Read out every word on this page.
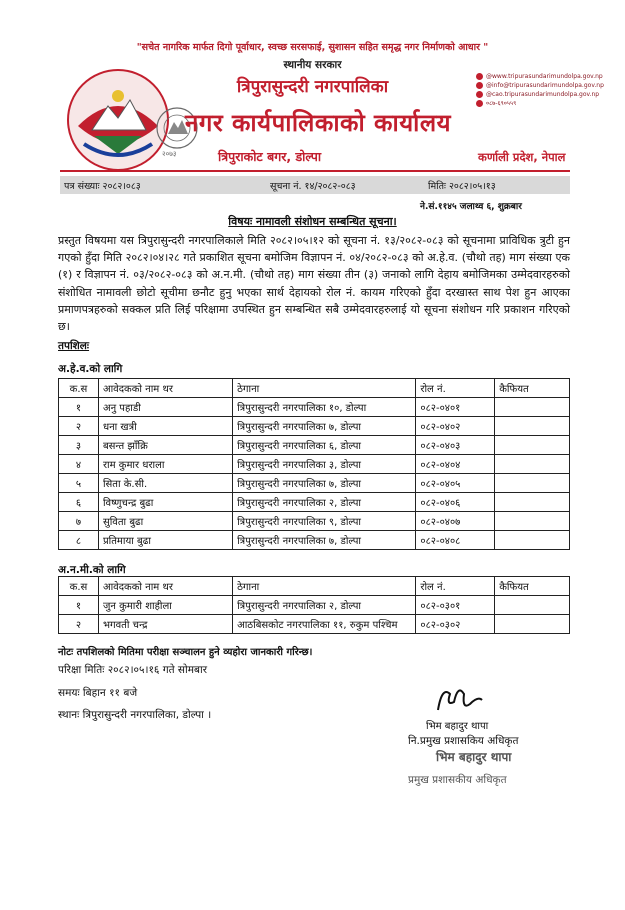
"सचेत नागरिक मार्फत दिगो पूर्वाधार, स्वच्छ सरसफाई, सुशासन सहित समृद्ध नगर निर्माणको आधार "
स्थानीय सरकार
त्रिपुरासुन्दरी नगरपालिका
२०७३
नगर कार्यपालिकाको कार्यालय
त्रिपुराकोट बगर, डोल्पा	कर्णाली प्रदेश, नेपाल
@www.tripurasundarimundolpa.gov.np
@info@tripurasundarimundolpa.gov.np
@cao.tripurasundarimundolpa.gov.np
०८७-६९०५५९
पत्र संख्याः २०८२।०८३	सूचना नं. १४/२०८२-०८३	मितिः २०८२।०५।१३
ने.सं.११४५ जलाथ्व ६, शुक्रबार
विषयः नामावली संशोधन सम्बन्धित सूचना।
प्रस्तुत विषयमा यस त्रिपुरासुन्दरी नगरपालिकाले मिति २०८२।०५।१२ को सूचना नं. १३/२०८२-०८३ को सूचनामा प्राविधिक त्रुटी हुन गएको हुँदा मिति २०८२।०४।२८ गते प्रकाशित सूचना बमोजिम विज्ञापन नं. ०४/२०८२-०८३ को अ.हे.व. (चौथो तह) माग संख्या एक (१) र विज्ञापन नं. ०३/२०८२-०८३ को अ.न.मी. (चौथो तह) माग संख्या तीन (३) जनाको लागि देहाय बमोजिमका उम्मेदवारहरुको संशोधित नामावली छोटो सूचीमा छनौट हुनु भएका सार्थ देहायको रोल नं. कायम गरिएको हुँदा दरखास्त साथ पेश हुन आएका प्रमाणपत्रहरुको सक्कल प्रति लिई परिक्षामा उपस्थित हुन सम्बन्धित सबै उम्मेदवारहरुलाई यो सूचना संशोधन गरि प्रकाशन गरिएको छ।
तपशिलः
अ.हे.व.को लागि
क.स	आवेदकको नाम थर	ठेगाना	रोल नं.	कैफियत
१	अनु पहाडी	त्रिपुरासुन्दरी नगरपालिका १०, डोल्पा	०८२-०४०१	
२	धना खत्री	त्रिपुरासुन्दरी नगरपालिका ७, डोल्पा	०८२-०४०२	
३	बसन्त झाँक्रि	त्रिपुरासुन्दरी नगरपालिका ६, डोल्पा	०८२-०४०३	
४	राम कुमार धराला	त्रिपुरासुन्दरी नगरपालिका ३, डोल्पा	०८२-०४०४	
५	सिता के.सी.	त्रिपुरासुन्दरी नगरपालिका ७, डोल्पा	०८२-०४०५	
६	विष्णुचन्द्र बुढा	त्रिपुरासुन्दरी नगरपालिका २, डोल्पा	०८२-०४०६	
७	सुविता बुढा	त्रिपुरासुन्दरी नगरपालिका ९, डोल्पा	०८२-०४०७	
८	प्रतिमाया बुढा	त्रिपुरासुन्दरी नगरपालिका ७, डोल्पा	०८२-०४०८	
अ.न.मी.को लागि
क.स	आवेदकको नाम थर	ठेगाना	रोल नं.	कैफियत
१	जुन कुमारी शाहीला	त्रिपुरासुन्दरी नगरपालिका २, डोल्पा	०८२-०३०१	
२	भगवती चन्द्र	आठबिसकोट नगरपालिका ११, रुकुम पश्चिम	०८२-०३०२	
नोटः तपशिलको मितिमा परीक्षा सञ्चालन हुने व्यहोरा जानकारी गरिन्छ।
परिक्षा मितिः २०८२।०५।१६ गते सोमबार
समयः बिहान ११ बजे
स्थानः त्रिपुरासुन्दरी नगरपालिका, डोल्पा ।
भिम बहादुर थापा
नि.प्रमुख प्रशासकिय अधिकृत
भिम बहादुर थापा
प्रमुख प्रशासकीय अधिकृत
